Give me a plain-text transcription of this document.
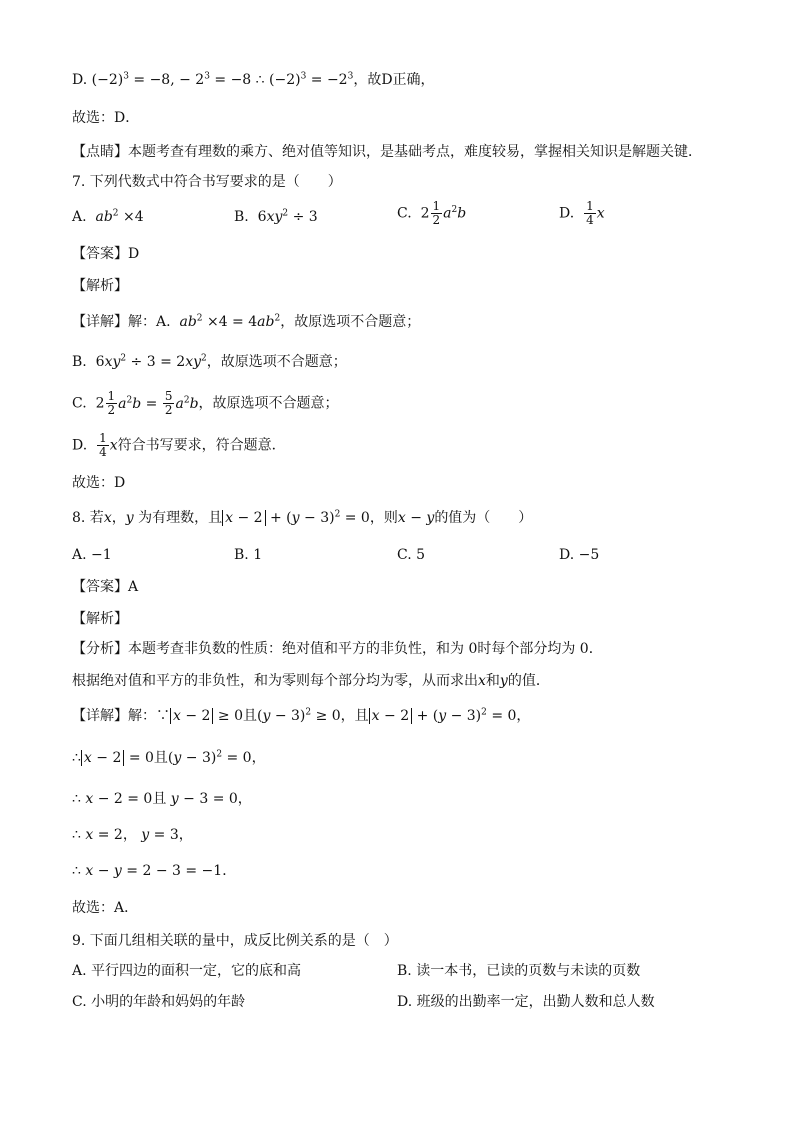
D. $(-2)^3 = -8$, − $2^3 = -8$ ∴ $(-2)^3 = -2^3$，故D正确，
故选：D．
【点睛】本题考查有理数的乘方、绝对值等知识，是基础考点，难度较易，掌握相关知识是解题关键．
7. 下列代数式中符合书写要求的是（　　）
A. $ab^2 \times 4$	B. $6xy^2 \div 3$	C. $2 \frac{1}{2} a^2b$	D. $\frac{1}{4}$ x
【答案】D
【解析】
【详解】解：A.  $ab^2 \times 4 = 4ab^2$，故原选项不合题意；
B.  $6xy^2 \div 3 = 2xy^2$，故原选项不合题意；
C.  $2 \frac{1}{2} a^2b = \frac{5}{2} a^2b$，故原选项不合题意；
D. $\frac{1}{4}$ x符合书写要求，符合题意．
故选：D
8. 若x，y 为有理数，且 $x - 2 + (y - 3)^2 = 0$，则x − y的值为（　　）
A. −1	B. 1	C. 5	D. −5
【答案】A
【解析】
【分析】本题考查非负数的性质：绝对值和平方的非负性，和为 0时每个部分均为 0．
根据绝对值和平方的非负性，和为零则每个部分均为零，从而求出x和y的值．
【详解】解：∵ x − 2 ≥ 0且$(y - 3)^2 \ge 0$，且 $x - 2 + (y - 3)^2 = 0$，
∴ x − 2 = 0且$(y - 3)^2 = 0$，
∴ x − 2 = 0且 y − 3 = 0，
∴ x = 2， y = 3，
∴ x − y = 2 − 3 = −1．
故选：A．
9. 下面几组相关联的量中，成反比例关系的是（　）
A. 平行四边的面积一定，它的底和高	B. 读一本书，已读的页数与未读的页数
C. 小明的年龄和妈妈的年龄	D. 班级的出勤率一定，出勤人数和总人数
